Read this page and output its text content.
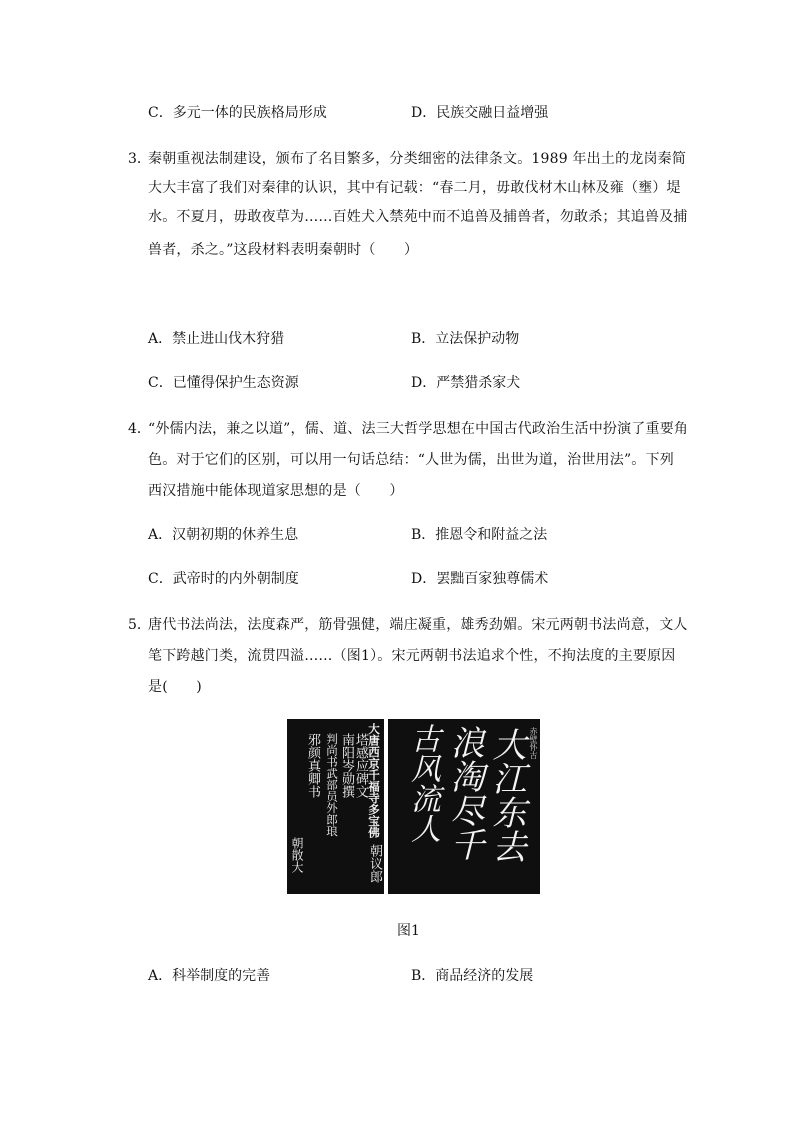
C．多元一体的民族格局形成	D．民族交融日益增强
3．
秦朝重视法制建设，颁布了名目繁多，分类细密的法律条文。1989 年出土的龙岗秦简
大大丰富了我们对秦律的认识，其中有记载：“春二月，毋敢伐材木山林及雍（壅）堤
水。不夏月，毋敢夜草为……百姓犬入禁苑中而不追兽及捕兽者，勿敢杀；其追兽及捕
兽者，杀之。”这段材料表明秦朝时（　　）
A．禁止进山伐木狩猎	B．立法保护动物
C．已懂得保护生态资源	D．严禁猎杀家犬
4．
“外儒内法，兼之以道”，儒、道、法三大哲学思想在中国古代政治生活中扮演了重要角
色。对于它们的区别，可以用一句话总结：“人世为儒，出世为道，治世用法”。下列
西汉措施中能体现道家思想的是（　　）
A．汉朝初期的休养生息	B．推恩令和附益之法
C．武帝时的内外朝制度	D．罢黜百家独尊儒术
5．
唐代书法尚法，法度森严，筋骨强健，端庄凝重，雄秀劲媚。宋元两朝书法尚意，文人
笔下跨越门类，流贯四溢……（图1）。宋元两朝书法追求个性，不拘法度的主要原因
是(　　)
大唐西京千福寺多宝佛
塔感应碑文
南阳岑勋撰
朝议郎
判尚书武部员外郎琅
邪颜真卿书
朝散大
赤壁怀古
大江东去
浪淘尽千
古风流人
图1
A．科举制度的完善	B．商品经济的发展
